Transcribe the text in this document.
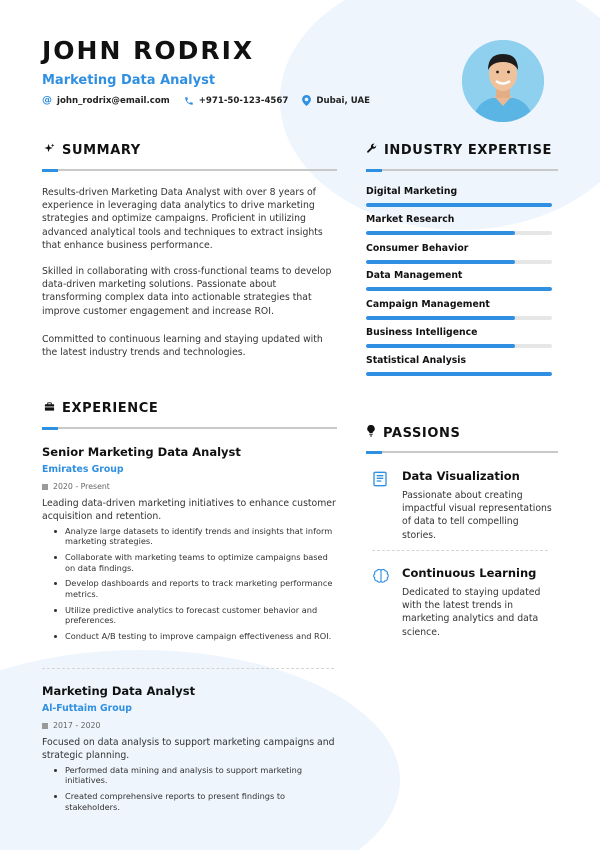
JOHN RODRIX
Marketing Data Analyst
@ john_rodrix@email.com	+971-50-123-4567	Dubai, UAE
SUMMARY
Results-driven Marketing Data Analyst with over 8 years of experience in leveraging data analytics to drive marketing strategies and optimize campaigns. Proficient in utilizing advanced analytical tools and techniques to extract insights that enhance business performance.
Skilled in collaborating with cross-functional teams to develop data-driven marketing solutions. Passionate about transforming complex data into actionable strategies that improve customer engagement and increase ROI.
Committed to continuous learning and staying updated with the latest industry trends and technologies.
INDUSTRY EXPERTISE
Digital Marketing
Market Research
Consumer Behavior
Data Management
Campaign Management
Business Intelligence
Statistical Analysis
EXPERIENCE
Senior Marketing Data Analyst
Emirates Group
2020 - Present
Leading data-driven marketing initiatives to enhance customer acquisition and retention.
Analyze large datasets to identify trends and insights that inform marketing strategies.
Collaborate with marketing teams to optimize campaigns based on data findings.
Develop dashboards and reports to track marketing performance metrics.
Utilize predictive analytics to forecast customer behavior and preferences.
Conduct A/B testing to improve campaign effectiveness and ROI.
Marketing Data Analyst
Al-Futtaim Group
2017 - 2020
Focused on data analysis to support marketing campaigns and strategic planning.
Performed data mining and analysis to support marketing initiatives.
Created comprehensive reports to present findings to stakeholders.
PASSIONS
Data Visualization
Passionate about creating impactful visual representations of data to tell compelling stories.
Continuous Learning
Dedicated to staying updated with the latest trends in marketing analytics and data science.
